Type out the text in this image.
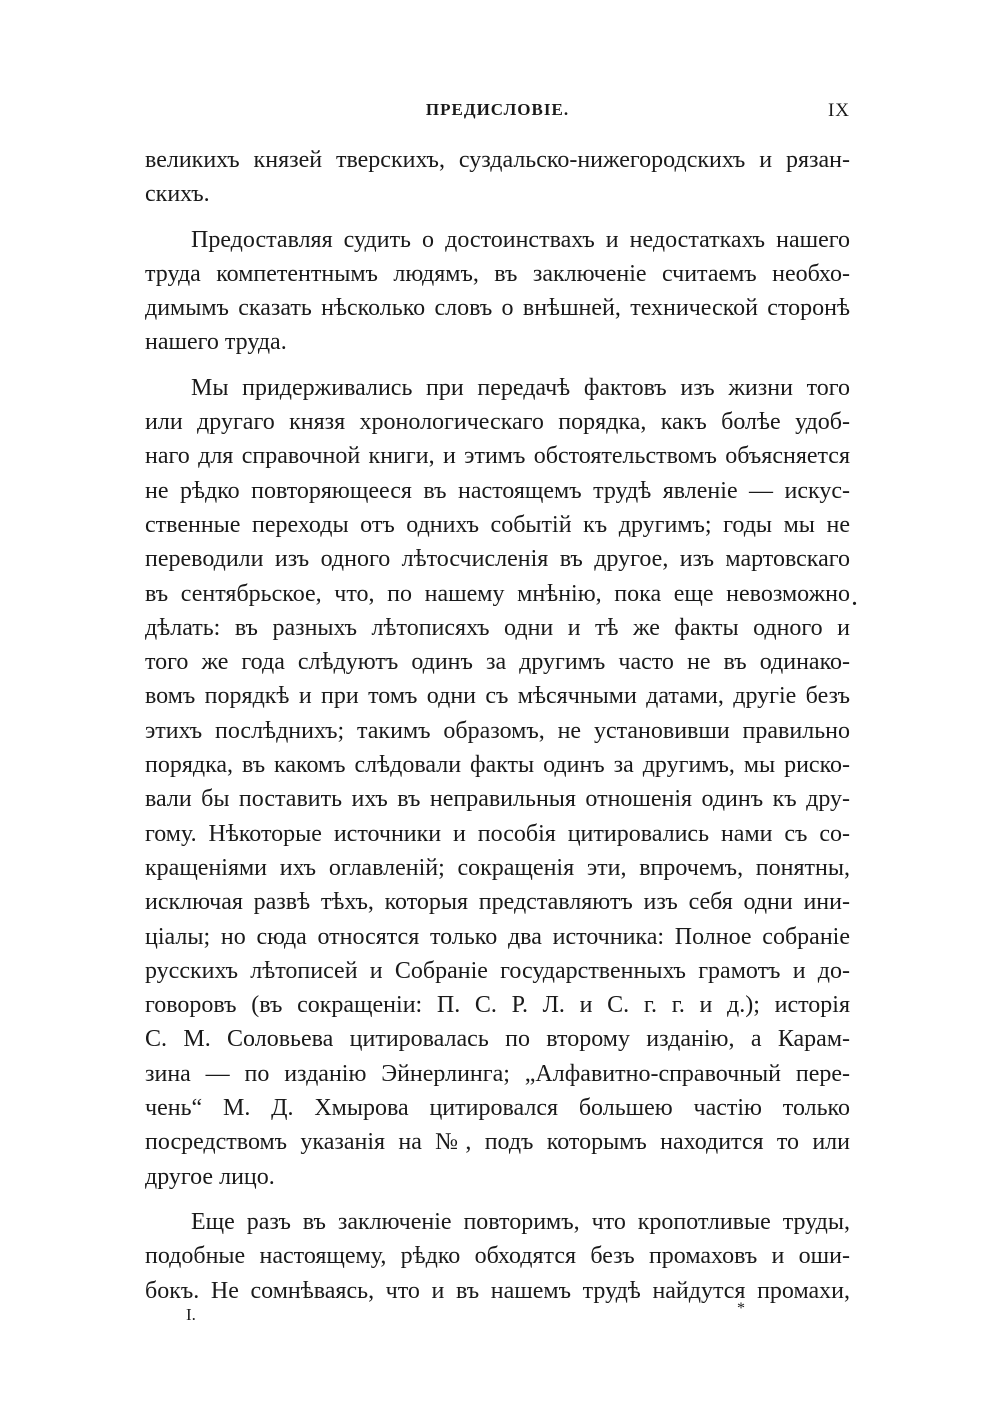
ПРЕДИСЛОВІЕ.	IX
великихъ князей тверскихъ, суздальско-нижегородскихъ и рязан-
скихъ.
Предоставляя судить о достоинствахъ и недостаткахъ нашего
труда компетентнымъ людямъ, въ заключеніе считаемъ необхо-
димымъ сказать нѣсколько словъ о внѣшней, технической сторонѣ
нашего труда.
Мы придерживались при передачѣ фактовъ изъ жизни того
или другаго князя хронологическаго порядка, какъ болѣе удоб-
наго для справочной книги, и этимъ обстоятельствомъ объясняется
не рѣдко повторяющееся въ настоящемъ трудѣ явленіе — искус-
ственные переходы отъ однихъ событій къ другимъ; годы мы не
переводили изъ одного лѣтосчисленія въ другое, изъ мартовскаго
въ сентябрьское, что, по нашему мнѣнію, пока еще невозможно
дѣлать: въ разныхъ лѣтописяхъ одни и тѣ же факты одного и
того же года слѣдуютъ одинъ за другимъ часто не въ одинако-
вомъ порядкѣ и при томъ одни съ мѣсячными датами, другіе безъ
этихъ послѣднихъ; такимъ образомъ, не установивши правильно
порядка, въ какомъ слѣдовали факты одинъ за другимъ, мы риско-
вали бы поставить ихъ въ неправильныя отношенія одинъ къ дру-
гому. Нѣкоторые источники и пособія цитировались нами съ со-
кращеніями ихъ оглавленій; сокращенія эти, впрочемъ, понятны,
исключая развѣ тѣхъ, которыя представляютъ изъ себя одни ини-
ціалы; но сюда относятся только два источника: Полное собраніе
русскихъ лѣтописей и Собраніе государственныхъ грамотъ и до-
говоровъ (въ сокращеніи: П. С. Р. Л. и С. г. г. и д.); исторія
С. М. Соловьева цитировалась по второму изданію, а Карам-
зина — по изданію Эйнерлинга; „Алфавитно-справочный пере-
чень“ М. Д. Хмырова цитировался большею частію только
посредствомъ указанія на №, подъ которымъ находится то или
другое лицо.
Еще разъ въ заключеніе повторимъ, что кропотливые труды,
подобные настоящему, рѣдко обходятся безъ промаховъ и оши-
бокъ. Не сомнѣваясь, что и въ нашемъ трудѣ найдутся промахи,
.
I.	*
